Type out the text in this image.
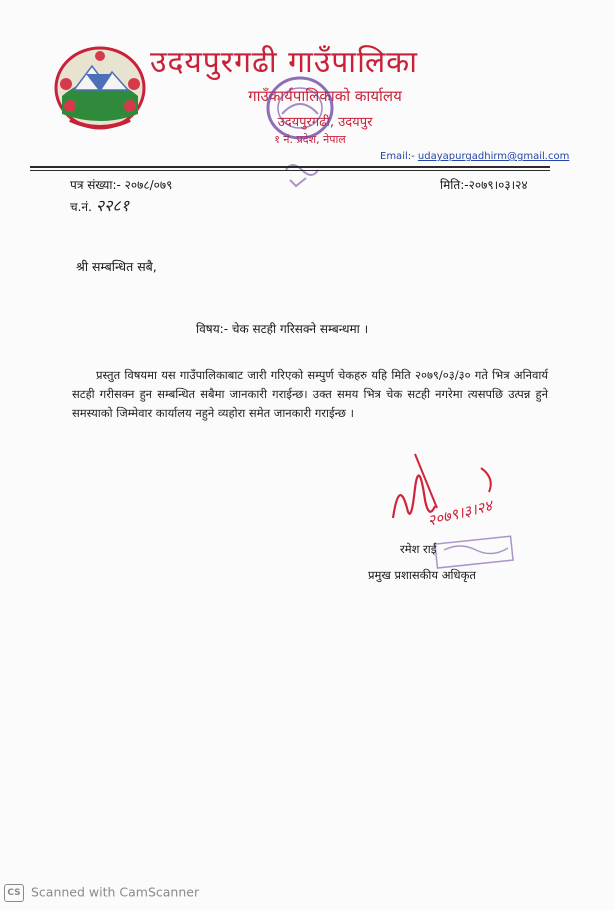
उदयपुरगढी गाउँपालिका
गाउँकार्यपालिकाको कार्यालय
उदयपुरगढी, उदयपुर
१ नं. प्रदेश, नेपाल
Email:- udayapurgadhirm@gmail.com
पत्र संख्या:- २०७८/०७९
च.नं. २२८१
मिति:-२०७९।०३।२४
श्री सम्बन्धित सबै,
विषय:- चेक सटही गरिसक्ने सम्बन्धमा ।
प्रस्तुत विषयमा यस गाउँपालिकाबाट जारी गरिएको सम्पुर्ण चेकहरु यहि मिति २०७९/०३/३० गते भित्र अनिवार्य सटही गरीसक्न हुन सम्बन्धित सबैमा जानकारी गराईन्छ। उक्त समय भित्र चेक सटही नगरेमा त्यसपछि उत्पन्न हुने समस्याको जिम्मेवार कार्यालय नहुने व्यहोरा समेत जानकारी गराईन्छ ।
२०७९।३।२४
रमेश राई
प्रमुख प्रशासकीय अधिकृत
CS Scanned with CamScanner
